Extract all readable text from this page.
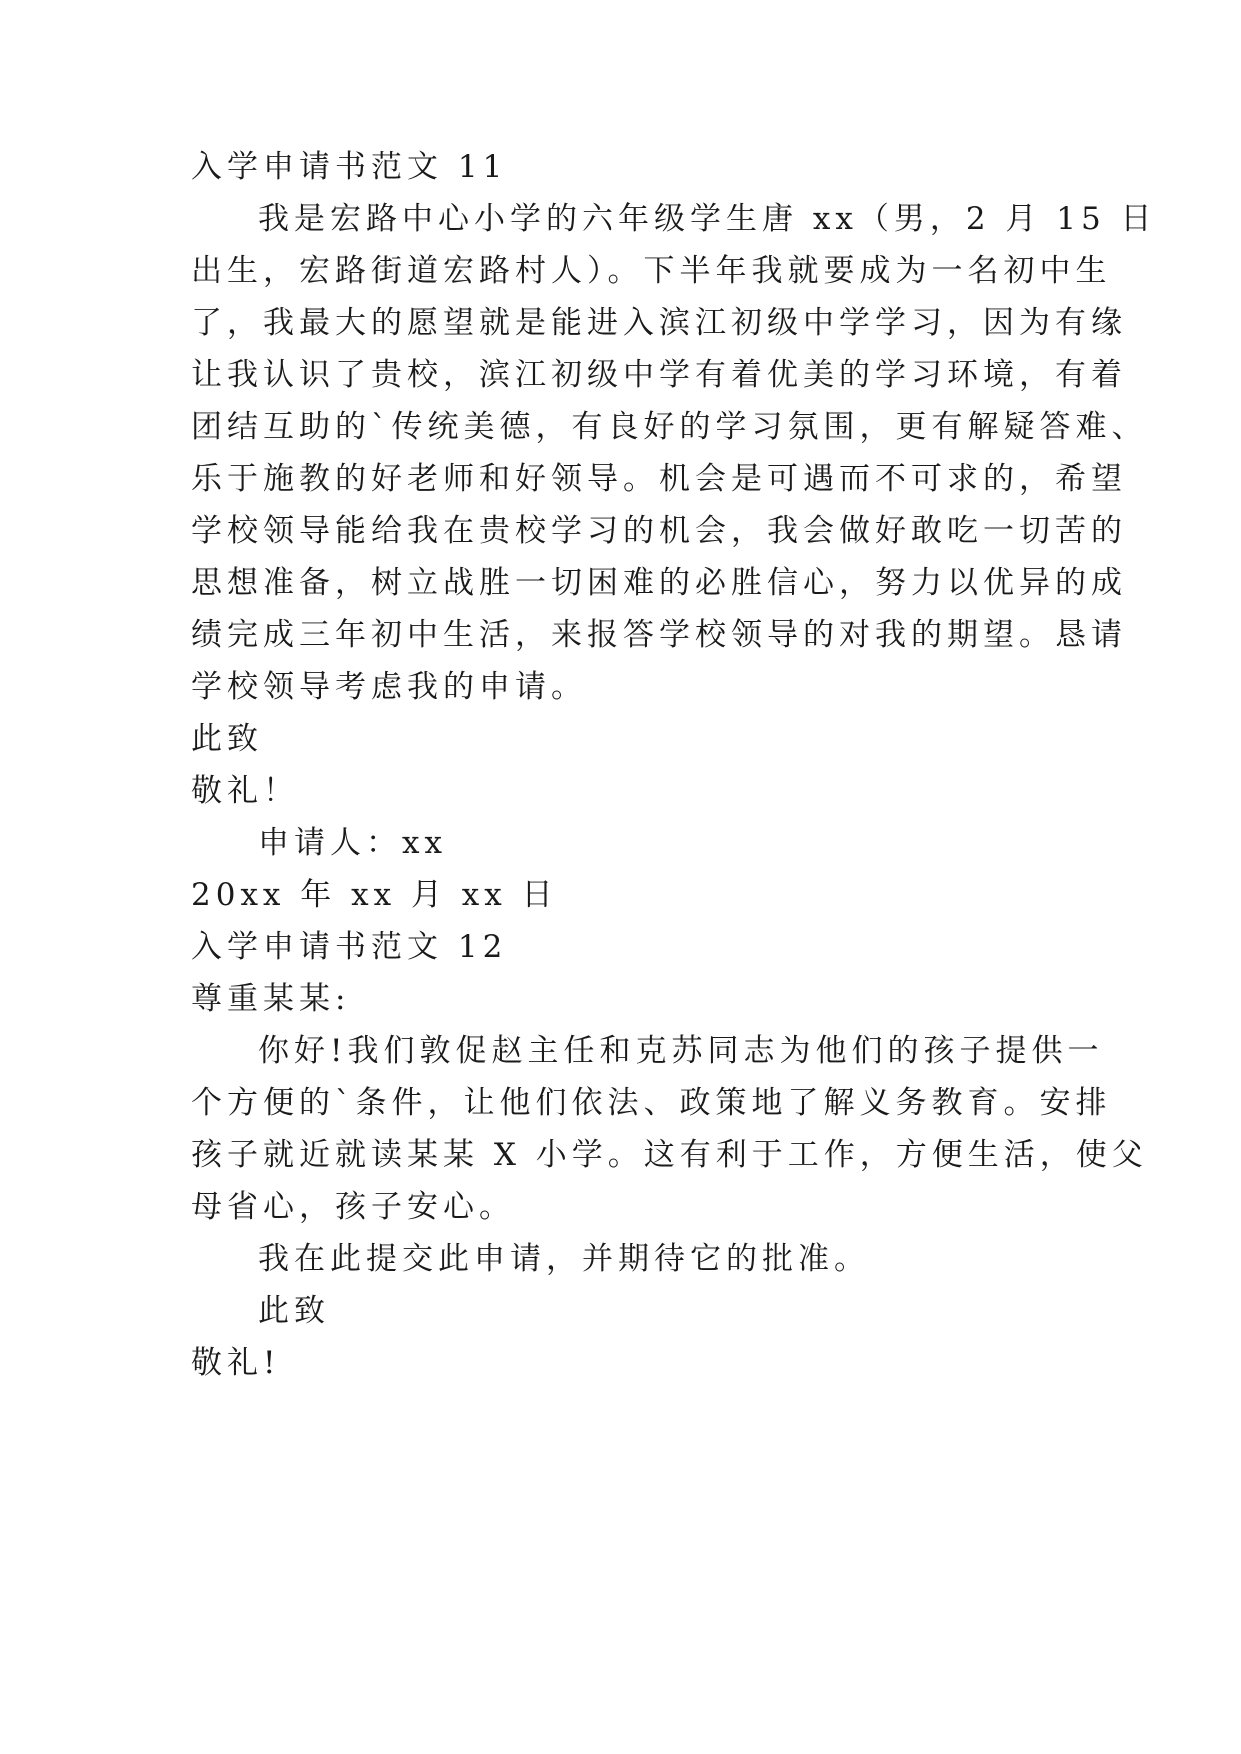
入学申请书范文 11
我是宏路中心小学的六年级学生唐 xx（男，2 月 15 日
出生，宏路街道宏路村人）。下半年我就要成为一名初中生
了，我最大的愿望就是能进入滨江初级中学学习，因为有缘
让我认识了贵校，滨江初级中学有着优美的学习环境，有着
团结互助的`传统美德，有良好的学习氛围，更有解疑答难、
乐于施教的好老师和好领导。机会是可遇而不可求的，希望
学校领导能给我在贵校学习的机会，我会做好敢吃一切苦的
思想准备，树立战胜一切困难的必胜信心，努力以优异的成
绩完成三年初中生活，来报答学校领导的对我的期望。恳请
学校领导考虑我的申请。
此致
敬礼！
申请人：xx
20xx 年 xx 月 xx 日
入学申请书范文 12
尊重某某:
你好!我们敦促赵主任和克苏同志为他们的孩子提供一
个方便的`条件，让他们依法、政策地了解义务教育。安排
孩子就近就读某某 X 小学。这有利于工作，方便生活，使父
母省心，孩子安心。
我在此提交此申请，并期待它的批准。
此致
敬礼!
